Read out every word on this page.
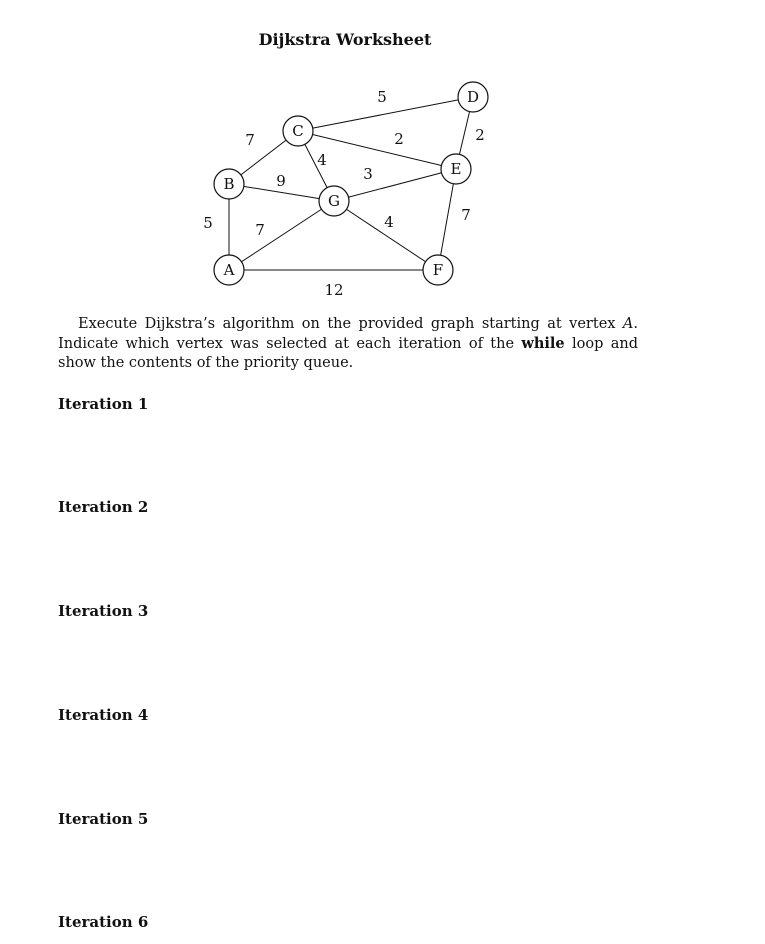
Dijkstra Worksheet
5	7
12
7
9
4
5
2	2
3
4	7
A
B
C
D
E
F
G

Execute Dijkstra’s algorithm on the provided graph starting at vertex A. Indicate which vertex was selected at each iteration of the while loop and show the contents of the priority queue.

Iteration 1
Iteration 2
Iteration 3
Iteration 4
Iteration 5
Iteration 6
